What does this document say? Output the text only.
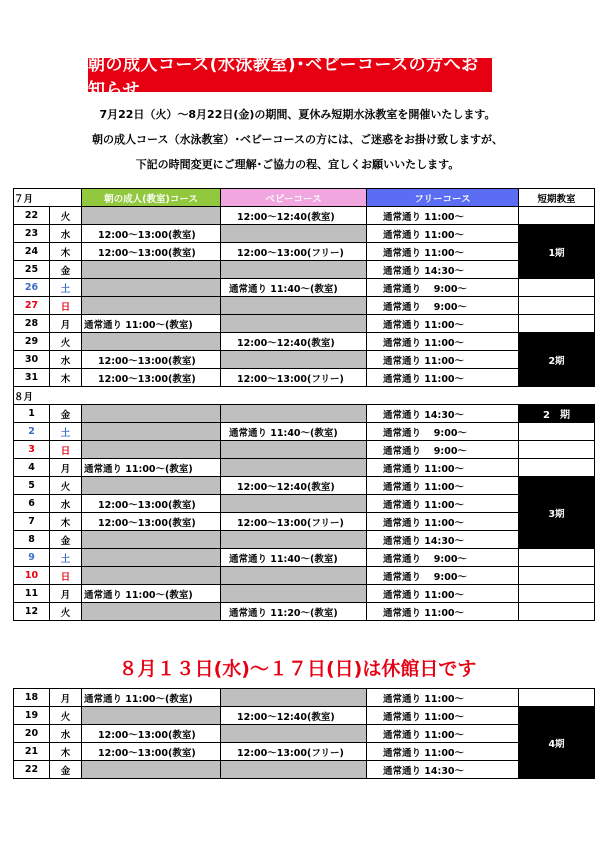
朝の成人コース(水泳教室)･ベビーコースの方へお知らせ
7月22日（火）～8月22日(金)の期間、夏休み短期水泳教室を開催いたします。
朝の成人コース（水泳教室）･ベビーコースの方には、ご迷惑をお掛け致しますが、
下記の時間変更にご理解･ご協力の程、宜しくお願いいたします。
７月		朝の成人(教室)コース	ベビーコース	フリーコース	短期教室
22	火		12:00～12:40(教室)	通常通り 11:00～	
23	水	12:00～13:00(教室)		通常通り 11:00～	1期
24	木	12:00～13:00(教室)	12:00～13:00(フリー)	通常通り 11:00～	
25	金			通常通り 14:30～	
26	土		通常通り 11:40～(教室)	通常通り　 9:00～	
27	日			通常通り　 9:00～	
28	月	通常通り 11:00～(教室)		通常通り 11:00～	
29	火		12:00～12:40(教室)	通常通り 11:00～	2期
30	水	12:00～13:00(教室)		通常通り 11:00～	
31	木	12:00～13:00(教室)	12:00～13:00(フリー)	通常通り 11:00～	
８月					
1	金			通常通り 14:30～	2　期
2	土		通常通り 11:40～(教室)	通常通り　 9:00～	
3	日			通常通り　 9:00～	
4	月	通常通り 11:00～(教室)		通常通り 11:00～	
5	火		12:00～12:40(教室)	通常通り 11:00～	3期
6	水	12:00～13:00(教室)		通常通り 11:00～	
7	木	12:00～13:00(教室)	12:00～13:00(フリー)	通常通り 11:00～	
8	金			通常通り 14:30～	
9	土		通常通り 11:40～(教室)	通常通り　 9:00～	
10	日			通常通り　 9:00～	
11	月	通常通り 11:00～(教室)		通常通り 11:00～	
12	火		通常通り 11:20～(教室)	通常通り 11:00～	
８月１３日(水)～１７日(日)は休館日です
18	月	通常通り 11:00～(教室)		通常通り 11:00～	
19	火		12:00～12:40(教室)	通常通り 11:00～	4期
20	水	12:00～13:00(教室)		通常通り 11:00～	
21	木	12:00～13:00(教室)	12:00～13:00(フリー)	通常通り 11:00～	
22	金			通常通り 14:30～	
